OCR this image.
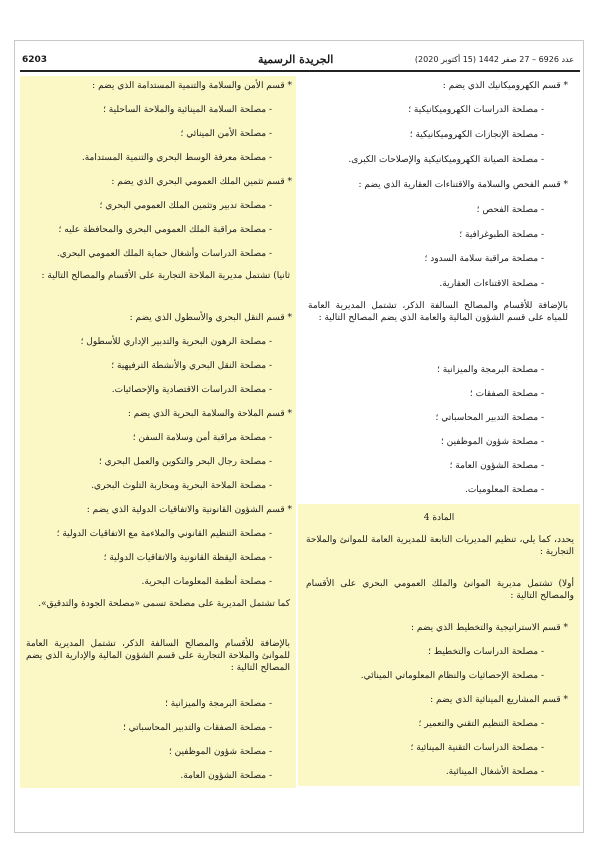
6203	الجريدة الرسمية	عدد 6926 – 27 صفر 1442 (15 أكتوبر 2020)
* قسم الكهروميكانيك الذي يضم :
- مصلحة الدراسات الكهروميكانيكية ؛
- مصلحة الإنجازات الكهروميكانيكية ؛
- مصلحة الصيانة الكهروميكانيكية والإصلاحات الكبرى.
* قسم الفحص والسلامة والاقتناءات العقارية الذي يضم :
- مصلحة الفحص ؛
- مصلحة الطبوغرافية ؛
- مصلحة مراقبة سلامة السدود ؛
- مصلحة الاقتناءات العقارية.
بالإضافة للأقسام والمصالح السالفة الذكر، تشتمل المديرية العامة للمياه على قسم الشؤون المالية والعامة الذي يضم المصالح التالية :
- مصلحة البرمجة والميزانية ؛
- مصلحة الصفقات ؛
- مصلحة التدبير المحاسباتي ؛
- مصلحة شؤون الموظفين ؛
- مصلحة الشؤون العامة ؛
- مصلحة المعلوميات.
المادة 4
يحدد، كما يلي، تنظيم المديريات التابعة للمديرية العامة للموانئ والملاحة التجارية :
أولا) تشتمل مديرية الموانئ والملك العمومي البحري على الأقسام والمصالح التالية :
* قسم الاستراتيجية والتخطيط الذي يضم :
- مصلحة الدراسات والتخطيط ؛
- مصلحة الإحصائيات والنظام المعلوماتي المينائي.
* قسم المشاريع المينائية الذي يضم :
- مصلحة التنظيم التقني والتعمير ؛
- مصلحة الدراسات التقنية المينائية ؛
- مصلحة الأشغال المينائية.
* قسم الأمن والسلامة والتنمية المستدامة الذي يضم :
- مصلحة السلامة المينائية والملاحة الساحلية ؛
- مصلحة الأمن المينائي ؛
- مصلحة معرفة الوسط البحري والتنمية المستدامة.
* قسم تثمين الملك العمومي البحري الذي يضم :
- مصلحة تدبير وتثمين الملك العمومي البحري ؛
- مصلحة مراقبة الملك العمومي البحري والمحافظة عليه ؛
- مصلحة الدراسات وأشغال حماية الملك العمومي البحري.
ثانيا) تشتمل مديرية الملاحة التجارية على الأقسام والمصالح التالية :
* قسم النقل البحري والأسطول الذي يضم :
- مصلحة الرهون البحرية والتدبير الإداري للأسطول ؛
- مصلحة النقل البحري والأنشطة الترفيهية ؛
- مصلحة الدراسات الاقتصادية والإحصائيات.
* قسم الملاحة والسلامة البحرية الذي يضم :
- مصلحة مراقبة أمن وسلامة السفن ؛
- مصلحة رجال البحر والتكوين والعمل البحري ؛
- مصلحة الملاحة البحرية ومحاربة التلوث البحري.
* قسم الشؤون القانونية والاتفاقيات الدولية الذي يضم :
- مصلحة التنظيم القانوني والملاءمة مع الاتفاقيات الدولية ؛
- مصلحة اليقظة القانونية والاتفاقيات الدولية ؛
- مصلحة أنظمة المعلومات البحرية.
كما تشتمل المديرية على مصلحة تسمى «مصلحة الجودة والتدقيق».
بالإضافة للأقسام والمصالح السالفة الذكر، تشتمل المديرية العامة للموانئ والملاحة التجارية على قسم الشؤون المالية والإدارية الذي يضم المصالح التالية :
- مصلحة البرمجة والميزانية ؛
- مصلحة الصفقات والتدبير المحاسباتي ؛
- مصلحة شؤون الموظفين ؛
- مصلحة الشؤون العامة.
